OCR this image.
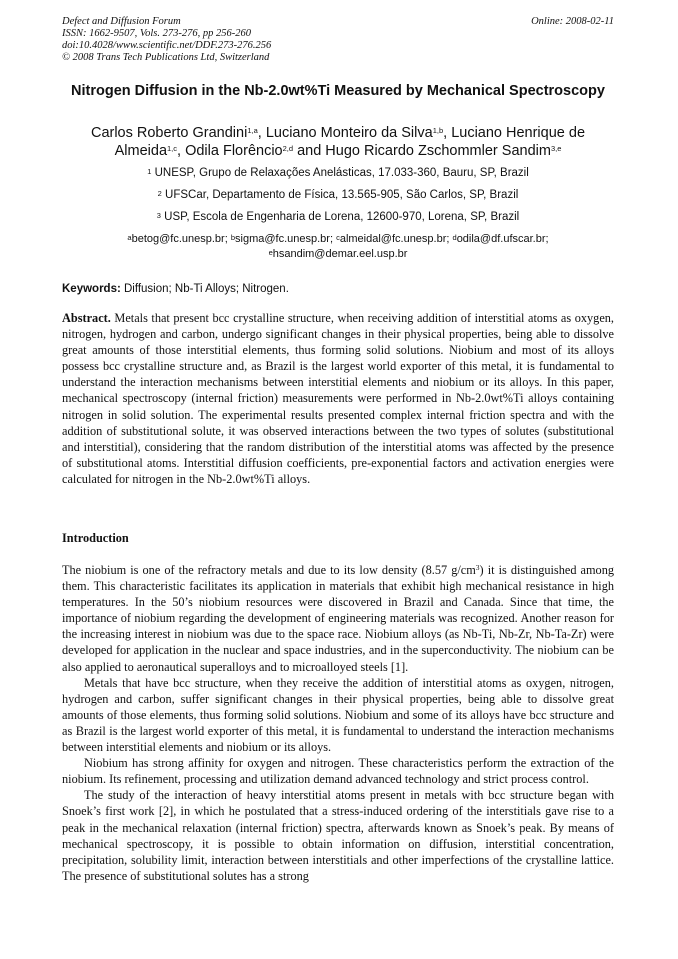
Defect and Diffusion Forum
ISSN: 1662-9507, Vols. 273-276, pp 256-260
doi:10.4028/www.scientific.net/DDF.273-276.256
© 2008 Trans Tech Publications Ltd, Switzerland
Online: 2008-02-11
Nitrogen Diffusion in the Nb-2.0wt%Ti Measured by Mechanical Spectroscopy
Carlos Roberto Grandini$^{1,a}$, Luciano Monteiro da Silva$^{1,b}$, Luciano Henrique de Almeida$^{1,c}$, Odila Florêncio$^{2,d}$ and Hugo Ricardo Zschommler Sandim$^{3,e}$
$^1$ UNESP, Grupo de Relaxações Anelásticas, 17.033-360, Bauru, SP, Brazil
$^2$ UFSCar, Departamento de Física, 13.565-905, São Carlos, SP, Brazil
$^3$ USP, Escola de Engenharia de Lorena, 12600-970, Lorena, SP, Brazil
$^a$betog@fc.unesp.br; $^b$sigma@fc.unesp.br; $^c$almeidal@fc.unesp.br; $^d$odila@df.ufscar.br;
$^e$hsandim@demar.eel.usp.br
Keywords: Diffusion; Nb-Ti Alloys; Nitrogen.
Abstract. Metals that present bcc crystalline structure, when receiving addition of interstitial atoms as oxygen, nitrogen, hydrogen and carbon, undergo significant changes in their physical properties, being able to dissolve great amounts of those interstitial elements, thus forming solid solutions. Niobium and most of its alloys possess bcc crystalline structure and, as Brazil is the largest world exporter of this metal, it is fundamental to understand the interaction mechanisms between interstitial elements and niobium or its alloys. In this paper, mechanical spectroscopy (internal friction) measurements were performed in Nb-2.0wt%Ti alloys containing nitrogen in solid solution. The experimental results presented complex internal friction spectra and with the addition of substitutional solute, it was observed interactions between the two types of solutes (substitutional and interstitial), considering that the random distribution of the interstitial atoms was affected by the presence of substitutional atoms. Interstitial diffusion coefficients, pre-exponential factors and activation energies were calculated for nitrogen in the Nb-2.0wt%Ti alloys.
Introduction

The niobium is one of the refractory metals and due to its low density (8.57 $g/cm^3$) it is distinguished among them. This characteristic facilitates its application in materials that exhibit high mechanical resistance in high temperatures. In the 50’s niobium resources were discovered in Brazil and Canada. Since that time, the importance of niobium regarding the development of engineering materials was recognized. Another reason for the increasing interest in niobium was due to the space race. Niobium alloys (as Nb-Ti, Nb-Zr, Nb-Ta-Zr) were developed for application in the nuclear and space industries, and in the superconductivity. The niobium can be also applied to aeronautical superalloys and to microalloyed steels [1].

Metals that have bcc structure, when they receive the addition of interstitial atoms as oxygen, nitrogen, hydrogen and carbon, suffer significant changes in their physical properties, being able to dissolve great amounts of those elements, thus forming solid solutions. Niobium and some of its alloys have bcc structure and as Brazil is the largest world exporter of this metal, it is fundamental to understand the interaction mechanisms between interstitial elements and niobium or its alloys.

Niobium has strong affinity for oxygen and nitrogen. These characteristics perform the extraction of the niobium. Its refinement, processing and utilization demand advanced technology and strict process control.

The study of the interaction of heavy interstitial atoms present in metals with bcc structure began with Snoek’s first work [2], in which he postulated that a stress-induced ordering of the interstitials gave rise to a peak in the mechanical relaxation (internal friction) spectra, afterwards known as Snoek’s peak. By means of mechanical spectroscopy, it is possible to obtain information on diffusion, interstitial concentration, precipitation, solubility limit, interaction between interstitials and other imperfections of the crystalline lattice. The presence of substitutional solutes has a strong
